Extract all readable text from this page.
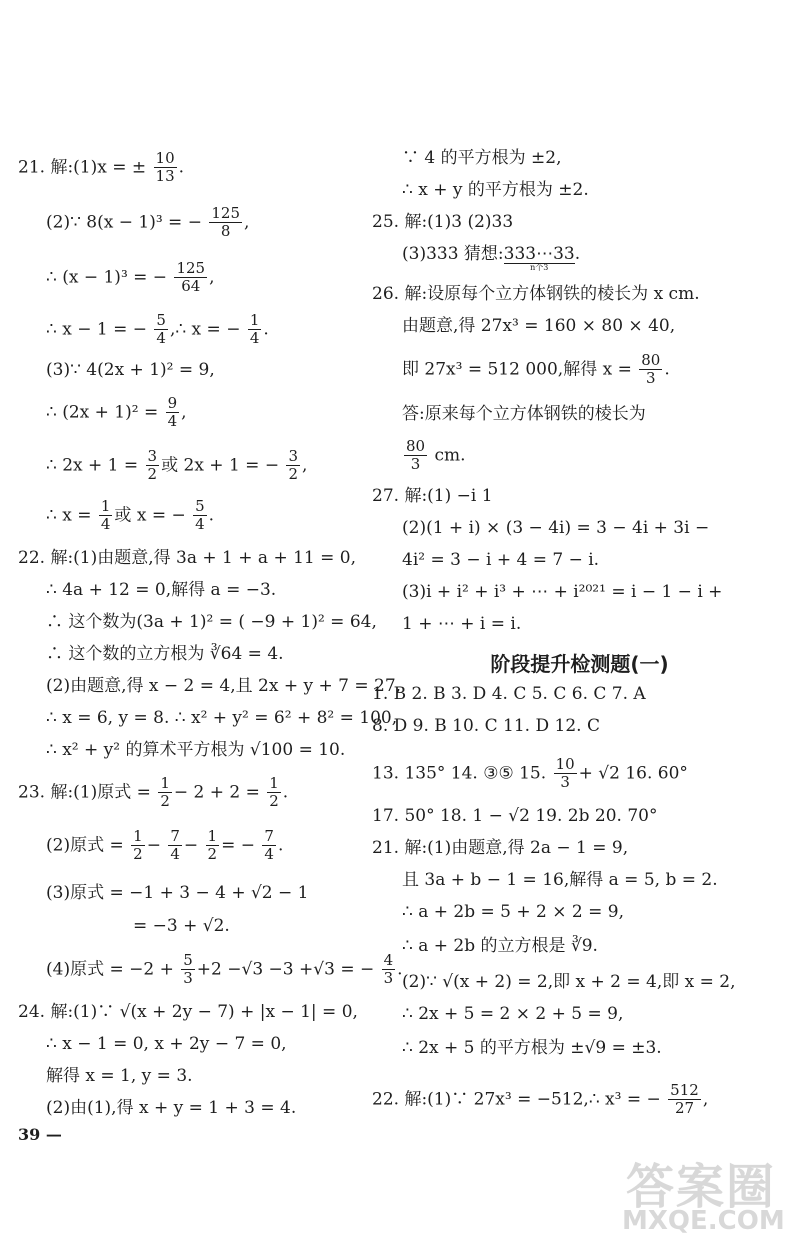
21. 解:(1)x = ± $\frac{10}{13}$ .
(2)∵ 8(x − 1)³ = − $\frac{125}{8}$ ,
∴ (x − 1)³ = − $\frac{125}{64}$ ,
∴ x − 1 = − $\frac{5}{4}$ ,∴ x = − $\frac{1}{4}$ .
(3)∵ 4(2x + 1)² = 9,
∴ $(2x + 1)^2 = \frac{9}{4}$ ,
∴ $2x + 1 = \frac{3}{2}$ 或 2x + 1 = − $\frac{3}{2}$ ,
∴ $x = \frac{1}{4}$ 或 x = − $\frac{5}{4}$ .
22. 解:(1)由题意,得 3a + 1 + a + 11 = 0,
∴ 4a + 12 = 0,解得 a = −3.
∴ 这个数为(3a + 1)² = ( −9 + 1)² = 64,
∴ 这个数的立方根为 ∛64 = 4.
(2)由题意,得 x − 2 = 4,且 2x + y + 7 = 27,
∴ x = 6, y = 8. ∴ x² + y² = 6² + 8² = 100,
∴ x² + y² 的算术平方根为 √100 = 10.
23. 解:(1)原式 = $\frac{1}{2} - 2 + 2 = \frac{1}{2}$ .
(2)原式 = $\frac{1}{2} - \frac{7}{4} - \frac{1}{2}$ = − $\frac{7}{4}$ .
(3)原式 = −1 + 3 − 4 + √2 − 1
= −3 + √2.
(4)原式 = $-2 + \frac{5}{3} +2 -√3 -3 +√3$ = − $\frac{4}{3}$ .
24. 解:(1)∵ √(x + 2y − 7) + |x − 1| = 0,
∴ x − 1 = 0, x + 2y − 7 = 0,
解得 x = 1, y = 3.
(2)由(1),得 x + y = 1 + 3 = 4.
39 —
∵ 4 的平方根为 ±2,
∴ x + y 的平方根为 ±2.
25. 解:(1)3 (2)33
(3)333 猜想: 333⋯33
n个3
.
26. 解:设原每个立方体钢铁的棱长为 x cm.
由题意,得 27x³ = 160 × 80 × 40,
即 27x³ = 512 000,解得 $x = \frac{80}{3}$ .
答:原来每个立方体钢铁的棱长为
$\frac{80}{3}$ cm.
27. 解:(1) −i 1
(2)(1 + i) × (3 − 4i) = 3 − 4i + 3i −
4i² = 3 − i + 4 = 7 − i.
(3)i + i² + i³ + ⋯ + i²⁰²¹ = i − 1 − i +
1 + ⋯ + i = i.
阶段提升检测题(一)
1. B 2. B 3. D 4. C 5. C 6. C 7. A
8. D 9. B 10. C 11. D 12. C
13. 135° 14. ③⑤ 15. $\frac{10}{3} + √2$ 16. 60°
17. 50° 18. 1 − √2 19. 2b 20. 70°
21. 解:(1)由题意,得 2a − 1 = 9,
且 3a + b − 1 = 16,解得 a = 5, b = 2.
∴ a + 2b = 5 + 2 × 2 = 9,
∴ a + 2b 的立方根是 ∛9.
(2)∵ √(x + 2) = 2,即 x + 2 = 4,即 x = 2,
∴ 2x + 5 = 2 × 2 + 5 = 9,
∴ 2x + 5 的平方根为 ±√9 = ±3.
22. 解:(1)∵ 27x³ = −512,∴ x³ = − $\frac{512}{27}$ ,
答案圈
MXQE.COM
